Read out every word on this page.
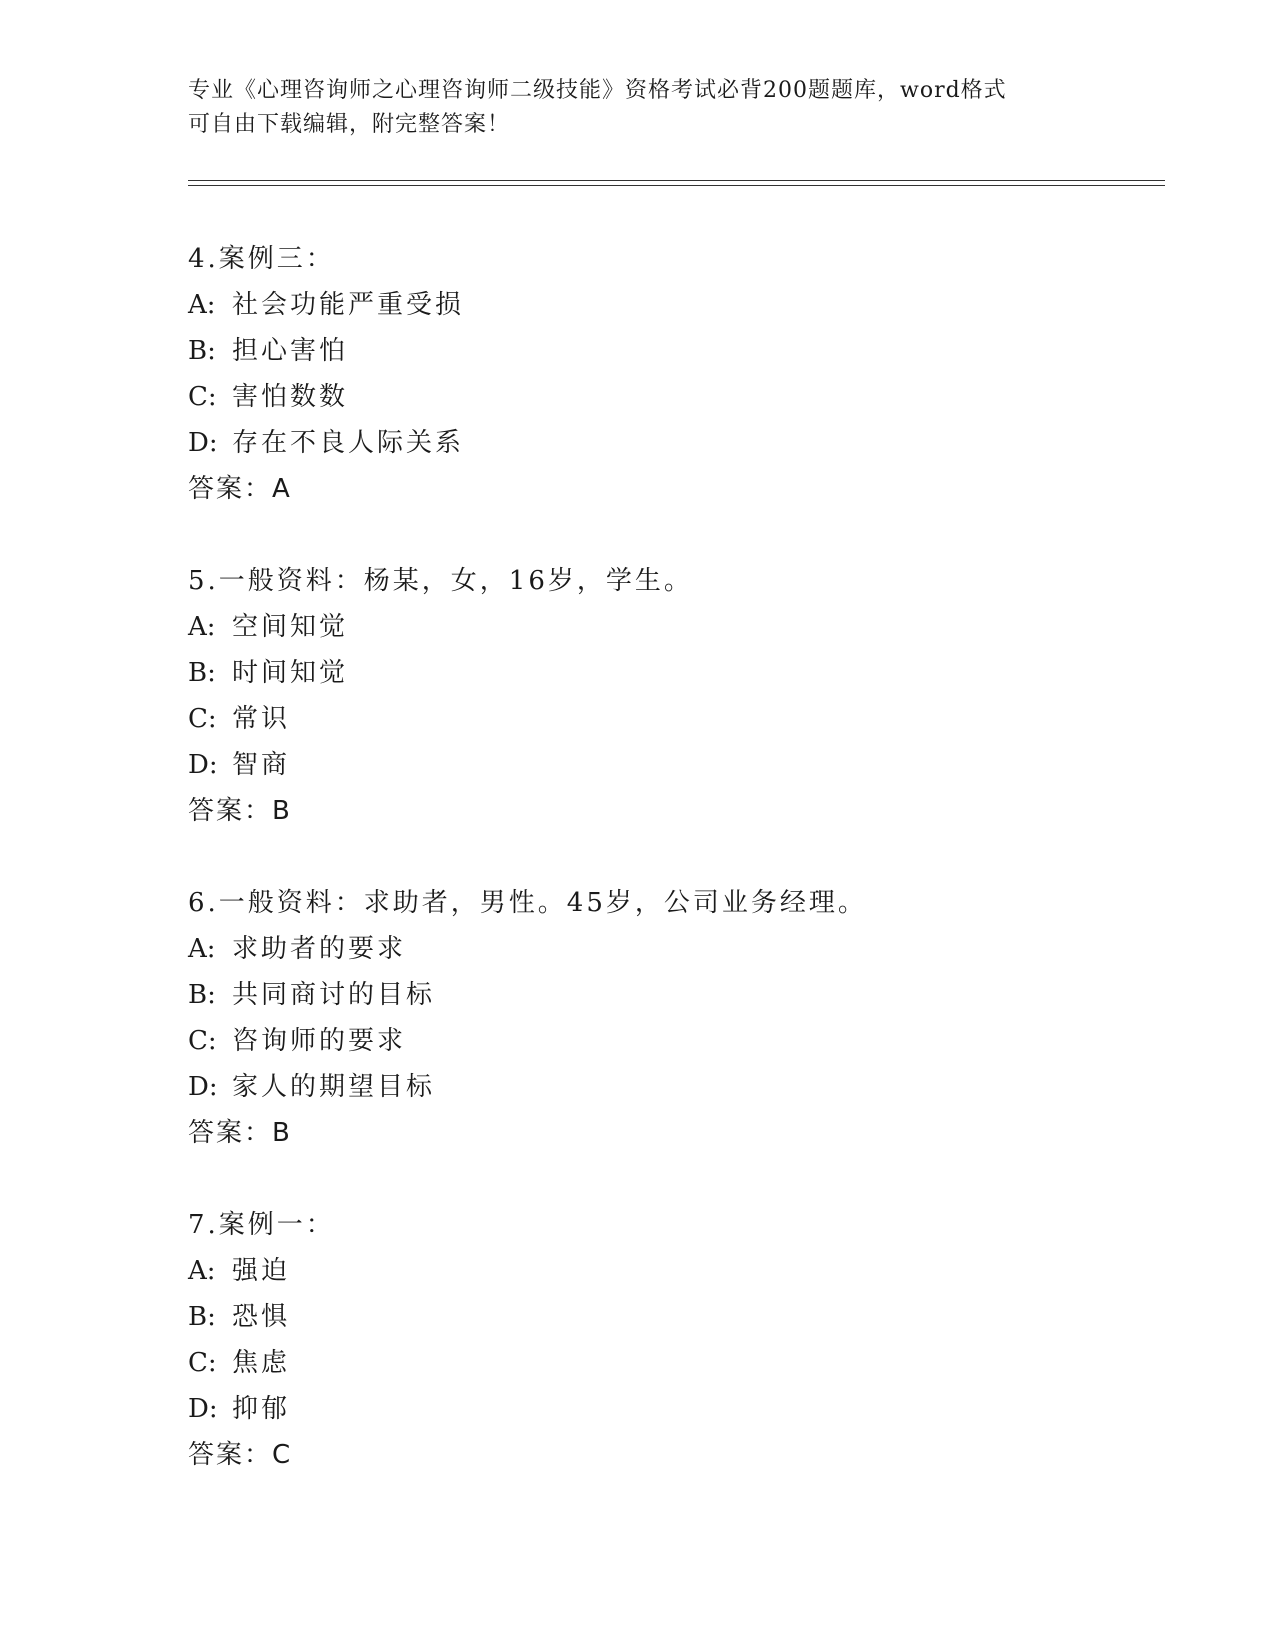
专业《心理咨询师之心理咨询师二级技能》资格考试必背200题题库，word格式
可自由下载编辑，附完整答案！
4.案例三：
A: 社会功能严重受损
B: 担心害怕
C: 害怕数数
D: 存在不良人际关系
答案：A
5.一般资料：杨某，女，16岁，学生。
A: 空间知觉
B: 时间知觉
C: 常识
D: 智商
答案：B
6.一般资料：求助者，男性。45岁，公司业务经理。
A: 求助者的要求
B: 共同商讨的目标
C: 咨询师的要求
D: 家人的期望目标
答案：B
7.案例一：
A: 强迫
B: 恐惧
C: 焦虑
D: 抑郁
答案：C
